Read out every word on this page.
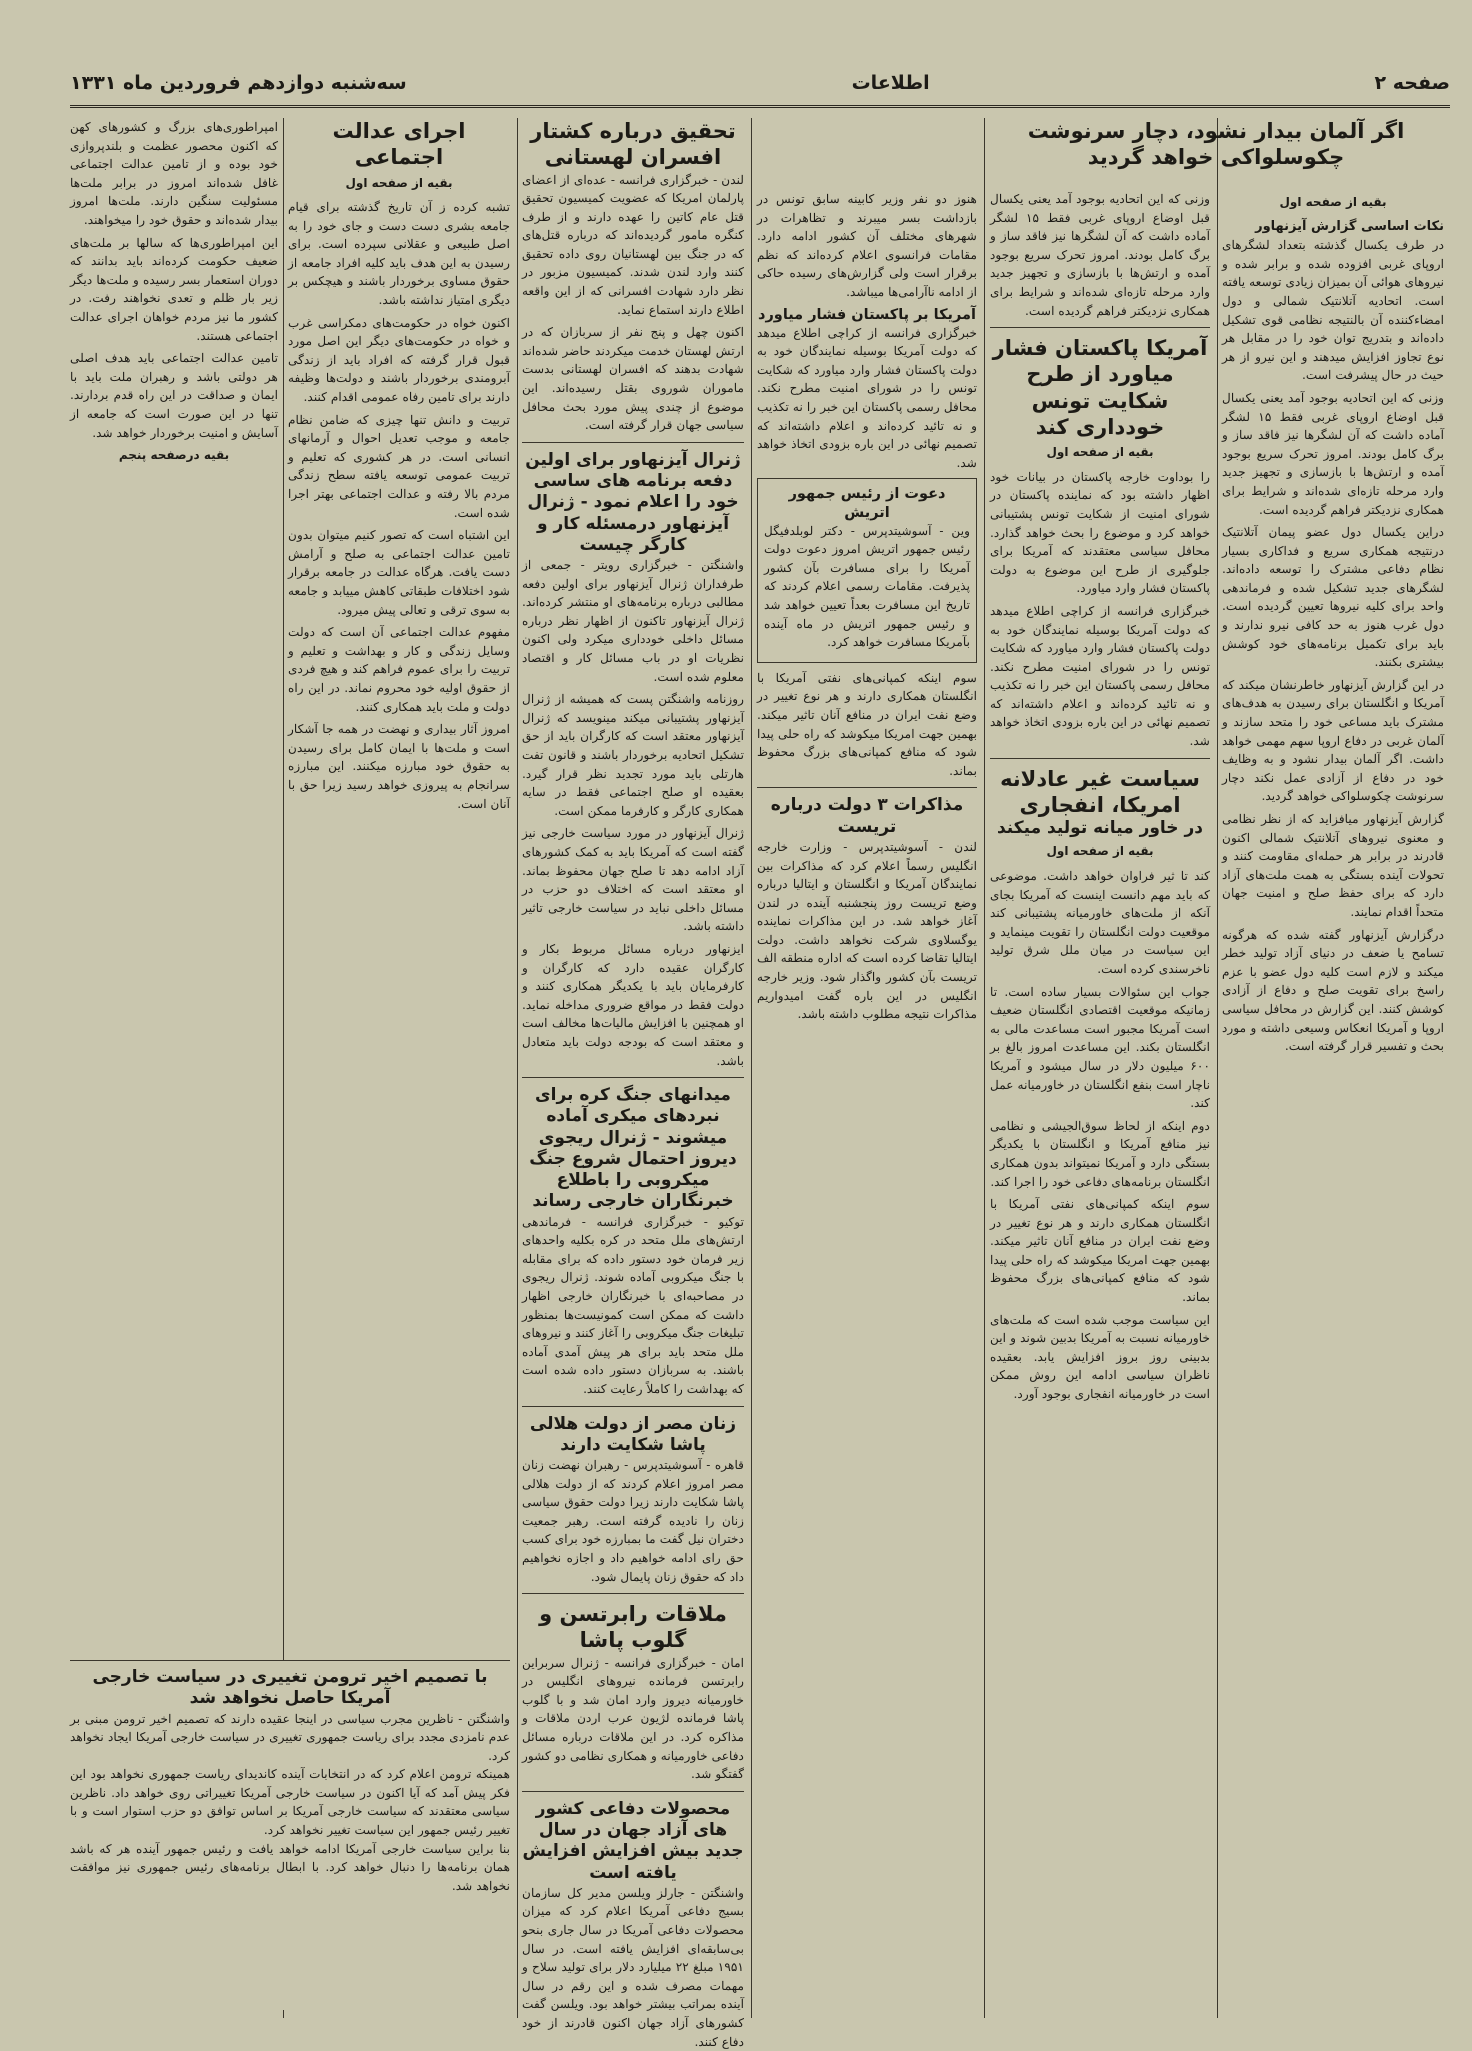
صفحه ۲
اطلاعات
سه‌شنبه دوازدهم فروردین ماه ۱۳۳۱
اگر آلمان بیدار نشود، دچار سرنوشت چکوسلواکی خواهد گردید
بقیه از صفحه اول
نکات اساسی گزارش آیزنهاور

در طرف یکسال گذشته بتعداد لشگرهای اروپای غربی افزوده شده و برابر شده و نیروهای هوائی آن بمیزان زیادی توسعه یافته است. اتحادیه آتلانتیک شمالی و دول امضاءکننده آن بالنتیجه نظامی قوی تشکیل داده‌اند و بتدریج توان خود را در مقابل هر نوع تجاوز افزایش میدهند و این نیرو از هر حیث در حال پیشرفت است.

وزنی که این اتحادیه بوجود آمد یعنی یکسال قبل اوضاع اروپای غربی فقط ۱۵ لشگر آماده داشت که آن لشگرها نیز فاقد ساز و برگ کامل بودند. امروز تحرک سریع بوجود آمده و ارتش‌ها با بازسازی و تجهیز جدید وارد مرحله تازه‌ای شده‌اند و شرایط برای همکاری نزدیکتر فراهم گردیده است.

دراین یکسال دول عضو پیمان آتلانتیک درنتیجه همکاری سریع و فداکاری بسیار نظام دفاعی مشترک را توسعه داده‌اند. لشگرهای جدید تشکیل شده و فرماندهی واحد برای کلیه نیروها تعیین گردیده است. دول غرب هنوز به حد کافی نیرو ندارند و باید برای تکمیل برنامه‌های خود کوشش بیشتری بکنند.

در این گزارش آیزنهاور خاطرنشان میکند که آمریکا و انگلستان برای رسیدن به هدف‌های مشترک باید مساعی خود را متحد سازند و آلمان غربی در دفاع اروپا سهم مهمی خواهد داشت. اگر آلمان بیدار نشود و به وظایف خود در دفاع از آزادی عمل نکند دچار سرنوشت چکوسلواکی خواهد گردید.

گزارش آیزنهاور میافزاید که از نظر نظامی و معنوی نیروهای آتلانتیک شمالی اکنون قادرند در برابر هر حمله‌ای مقاومت کنند و تحولات آینده بستگی به همت ملت‌های آزاد دارد که برای حفظ صلح و امنیت جهان متحداً اقدام نمایند.

درگزارش آیزنهاور گفته شده که هرگونه تسامح یا ضعف در دنیای آزاد تولید خطر میکند و لازم است کلیه دول عضو با عزم راسخ برای تقویت صلح و دفاع از آزادی کوشش کنند. این گزارش در محافل سیاسی اروپا و آمریکا انعکاس وسیعی داشته و مورد بحث و تفسیر قرار گرفته است.

وزنی که این اتحادیه بوجود آمد یعنی یکسال قبل اوضاع اروپای غربی فقط ۱۵ لشگر آماده داشت که آن لشگرها نیز فاقد ساز و برگ کامل بودند. امروز تحرک سریع بوجود آمده و ارتش‌ها با بازسازی و تجهیز جدید وارد مرحله تازه‌ای شده‌اند و شرایط برای همکاری نزدیکتر فراهم گردیده است.

آمریکا پاکستان فشار میاورد از طرح شکایت تونس خودداری کند
بقیه از صفحه اول

را بوداوت خارجه پاکستان در بیانات خود اظهار داشته بود که نماینده پاکستان در شورای امنیت از شکایت تونس پشتیبانی خواهد کرد و موضوع را بحث خواهد گذارد. محافل سیاسی معتقدند که آمریکا برای جلوگیری از طرح این موضوع به دولت پاکستان فشار وارد میاورد.

خبرگزاری فرانسه از کراچی اطلاع میدهد که دولت آمریکا بوسیله نمایندگان خود به دولت پاکستان فشار وارد میاورد که شکایت تونس را در شورای امنیت مطرح نکند. محافل رسمی پاکستان این خبر را نه تکذیب و نه تائید کرده‌اند و اعلام داشته‌اند که تصمیم نهائی در این باره بزودی اتخاذ خواهد شد.

سیاست غیر عادلانه امریکا، انفجاری
در خاور میانه تولید میکند
بقیه از صفحه اول

کند تا ثیر فراوان خواهد داشت. موضوعی که باید مهم دانست اینست که آمریکا بجای آنکه از ملت‌های خاورمیانه پشتیبانی کند موقعیت دولت انگلستان را تقویت مینماید و این سیاست در میان ملل شرق تولید ناخرسندی کرده است.

جواب این سئوالات بسیار ساده است. تا زمانیکه موقعیت اقتصادی انگلستان ضعیف است آمریکا مجبور است مساعدت مالی به انگلستان بکند. این مساعدت امروز بالغ بر ۶۰۰ میلیون دلار در سال میشود و آمریکا ناچار است بنفع انگلستان در خاورمیانه عمل کند.

دوم اینکه از لحاظ سوق‌الجیشی و نظامی نیز منافع آمریکا و انگلستان با یکدیگر بستگی دارد و آمریکا نمیتواند بدون همکاری انگلستان برنامه‌های دفاعی خود را اجرا کند.

سوم اینکه کمپانی‌های نفتی آمریکا با انگلستان همکاری دارند و هر نوع تغییر در وضع نفت ایران در منافع آنان تاثیر میکند. بهمین جهت امریکا میکوشد که راه حلی پیدا شود که منافع کمپانی‌های بزرگ محفوظ بماند.

این سیاست موجب شده است که ملت‌های خاورمیانه نسبت به آمریکا بدبین شوند و این بدبینی روز بروز افزایش یابد. بعقیده ناظران سیاسی ادامه این روش ممکن است در خاورمیانه انفجاری بوجود آورد.

هنوز دو نفر وزیر کابینه سابق تونس در بازداشت بسر میبرند و تظاهرات در شهرهای مختلف آن کشور ادامه دارد. مقامات فرانسوی اعلام کرده‌اند که نظم برقرار است ولی گزارش‌های رسیده حاکی از ادامه ناآرامی‌ها میباشد.

آمریکا بر پاکستان فشار میاورد

خبرگزاری فرانسه از کراچی اطلاع میدهد که دولت آمریکا بوسیله نمایندگان خود به دولت پاکستان فشار وارد میاورد که شکایت تونس را در شورای امنیت مطرح نکند. محافل رسمی پاکستان این خبر را نه تکذیب و نه تائید کرده‌اند و اعلام داشته‌اند که تصمیم نهائی در این باره بزودی اتخاذ خواهد شد.

دعوت از رئیس جمهور اتریش

وین - آسوشیتدپرس - دکتر لوبلدفیگل رئیس جمهور اتریش امروز دعوت دولت آمریکا را برای مسافرت بآن کشور پذیرفت. مقامات رسمی اعلام کردند که تاریخ این مسافرت بعداً تعیین خواهد شد و رئیس جمهور اتریش در ماه آینده بآمریکا مسافرت خواهد کرد.

سوم اینکه کمپانی‌های نفتی آمریکا با انگلستان همکاری دارند و هر نوع تغییر در وضع نفت ایران در منافع آنان تاثیر میکند. بهمین جهت امریکا میکوشد که راه حلی پیدا شود که منافع کمپانی‌های بزرگ محفوظ بماند.

مذاکرات ۳ دولت درباره تریست

لندن - آسوشیتدپرس - وزارت خارجه انگلیس رسماً اعلام کرد که مذاکرات بین نمایندگان آمریکا و انگلستان و ایتالیا درباره وضع تریست روز پنجشنبه آینده در لندن آغاز خواهد شد. در این مذاکرات نماینده یوگسلاوی شرکت نخواهد داشت. دولت ایتالیا تقاضا کرده است که اداره منطقه الف تریست بآن کشور واگذار شود. وزیر خارجه انگلیس در این باره گفت امیدواریم مذاکرات نتیجه مطلوب داشته باشد.

تحقیق درباره کشتار افسران لهستانی

لندن - خبرگزاری فرانسه - عده‌ای از اعضای پارلمان امریکا که عضویت کمیسیون تحقیق قتل عام کاتین را عهده دارند و از طرف کنگره مامور گردیده‌اند که درباره قتل‌های که در جنگ بین لهستانیان روی داده تحقیق کنند وارد لندن شدند. کمیسیون مزبور در نظر دارد شهادت افسرانی که از این واقعه اطلاع دارند استماع نماید.

اکنون چهل و پنج نفر از سربازان که در ارتش لهستان خدمت میکردند حاضر شده‌اند شهادت بدهند که افسران لهستانی بدست ماموران شوروی بقتل رسیده‌اند. این موضوع از چندی پیش مورد بحث محافل سیاسی جهان قرار گرفته است.

ژنرال آیزنهاور برای اولین دفعه برنامه های ساسی خود را اعلام نمود - ژنرال آیزنهاور درمسئله کار و کارگر چیست

واشنگتن - خبرگزاری رویتر - جمعی از طرفداران ژنرال آیزنهاور برای اولین دفعه مطالبی درباره برنامه‌های او منتشر کرده‌اند. ژنرال آیزنهاور تاکنون از اظهار نظر درباره مسائل داخلی خودداری میکرد ولی اکنون نظریات او در باب مسائل کار و اقتصاد معلوم شده است.

روزنامه واشنگتن پست که همیشه از ژنرال آیزنهاور پشتیبانی میکند مینویسد که ژنرال آیزنهاور معتقد است که کارگران باید از حق تشکیل اتحادیه برخوردار باشند و قانون تفت هارتلی باید مورد تجدید نظر قرار گیرد. بعقیده او صلح اجتماعی فقط در سایه همکاری کارگر و کارفرما ممکن است.

ژنرال آیزنهاور در مورد سیاست خارجی نیز گفته است که آمریکا باید به کمک کشورهای آزاد ادامه دهد تا صلح جهان محفوظ بماند. او معتقد است که اختلاف دو حزب در مسائل داخلی نباید در سیاست خارجی تاثیر داشته باشد.

ایزنهاور درباره مسائل مربوط بکار و کارگران عقیده دارد که کارگران و کارفرمایان باید با یکدیگر همکاری کنند و دولت فقط در مواقع ضروری مداخله نماید. او همچنین با افزایش مالیات‌ها مخالف است و معتقد است که بودجه دولت باید متعادل باشد.

میدانهای جنگ کره برای نبردهای میکری آماده میشوند - ژنرال ریجوی دیروز احتمال شروع جنگ میکروبی را باطلاع خبرنگاران خارجی رساند

توکیو - خبرگزاری فرانسه - فرماندهی ارتش‌های ملل متحد در کره بکلیه واحدهای زیر فرمان خود دستور داده که برای مقابله با جنگ میکروبی آماده شوند. ژنرال ریجوی در مصاحبه‌ای با خبرنگاران خارجی اظهار داشت که ممکن است کمونیست‌ها بمنظور تبلیغات جنگ میکروبی را آغاز کنند و نیروهای ملل متحد باید برای هر پیش آمدی آماده باشند. به سربازان دستور داده شده است که بهداشت را کاملاً رعایت کنند.

زنان مصر از دولت هلالی پاشا شکایت دارند

قاهره - آسوشیتدپرس - رهبران نهضت زنان مصر امروز اعلام کردند که از دولت هلالی پاشا شکایت دارند زیرا دولت حقوق سیاسی زنان را نادیده گرفته است. رهبر جمعیت دختران نیل گفت ما بمبارزه خود برای کسب حق رای ادامه خواهیم داد و اجازه نخواهیم داد که حقوق زنان پایمال شود.

ملاقات رابرتسن و گلوب پاشا

امان - خبرگزاری فرانسه - ژنرال سربراین رابرتسن فرمانده نیروهای انگلیس در خاورمیانه دیروز وارد امان شد و با گلوب پاشا فرمانده لژیون عرب اردن ملاقات و مذاکره کرد. در این ملاقات درباره مسائل دفاعی خاورمیانه و همکاری نظامی دو کشور گفتگو شد.

محصولات دفاعی کشور های آزاد جهان در سال جدید بیش افزایش افزایش یافته است

واشنگتن - جارلز ویلسن مدیر کل سازمان بسیج دفاعی آمریکا اعلام کرد که میزان محصولات دفاعی آمریکا در سال جاری بنحو بی‌سابقه‌ای افزایش یافته است. در سال ۱۹۵۱ مبلغ ۲۲ میلیارد دلار برای تولید سلاح و مهمات مصرف شده و این رقم در سال آینده بمراتب بیشتر خواهد بود. ویلسن گفت کشورهای آزاد جهان اکنون قادرند از خود دفاع کنند.

اجرای عدالت اجتماعی
بقیه از صفحه اول

تشبه کرده ‌ز آن تاریخ گذشته برای قیام جامعه بشری دست دست و جای خود را به اصل طبیعی و عقلانی سپرده است. برای رسیدن به این هدف باید کلیه افراد جامعه از حقوق مساوی برخوردار باشند و هیچکس بر دیگری امتیاز نداشته باشد.

اکنون خواه در حکومت‌های دمکراسی غرب و خواه در حکومت‌های دیگر این اصل مورد قبول قرار گرفته که افراد باید از زندگی آبرومندی برخوردار باشند و دولت‌ها وظیفه دارند برای تامین رفاه عمومی اقدام کنند.

تربیت و دانش تنها چیزی که ضامن نظام جامعه و موجب تعدیل احوال و آرمانهای انسانی است. در هر کشوری که تعلیم و تربیت عمومی توسعه یافته سطح زندگی مردم بالا رفته و عدالت اجتماعی بهتر اجرا شده است.

این اشتباه است که تصور کنیم میتوان بدون تامین عدالت اجتماعی به صلح و آرامش دست یافت. هرگاه عدالت در جامعه برقرار شود اختلافات طبقاتی کاهش مییابد و جامعه به سوی ترقی و تعالی پیش میرود.

مفهوم عدالت اجتماعی آن است که دولت وسایل زندگی و کار و بهداشت و تعلیم و تربیت را برای عموم فراهم کند و هیچ فردی از حقوق اولیه خود محروم نماند. در این راه دولت و ملت باید همکاری کنند.

امروز آثار بیداری و نهضت در همه جا آشکار است و ملت‌ها با ایمان کامل برای رسیدن به حقوق خود مبارزه میکنند. این مبارزه سرانجام به پیروزی خواهد رسید زیرا حق با آنان است.

امپراطوری‌های بزرگ و کشورهای کهن که اکنون محصور عظمت و بلندپروازی خود بوده و از تامین عدالت اجتماعی غافل شده‌اند امروز در برابر ملت‌ها مسئولیت سنگین دارند. ملت‌ها امروز بیدار شده‌اند و حقوق خود را میخواهند.

این امپراطوری‌ها که سالها بر ملت‌های ضعیف حکومت کرده‌اند باید بدانند که دوران استعمار بسر رسیده و ملت‌ها دیگر زیر بار ظلم و تعدی نخواهند رفت. در کشور ما نیز مردم خواهان اجرای عدالت اجتماعی هستند.

تامین عدالت اجتماعی باید هدف اصلی هر دولتی باشد و رهبران ملت باید با ایمان و صداقت در این راه قدم بردارند. تنها در این صورت است که جامعه از آسایش و امنیت برخوردار خواهد شد.

بقیه درصفحه پنجم
با تصمیم اخیر ترومن تغییری در سیاست خارجی آمریکا حاصل نخواهد شد

واشنگتن - ناظرین مجرب سیاسی در اینجا عقیده دارند که تصمیم اخیر ترومن مبنی بر عدم نامزدی مجدد برای ریاست جمهوری تغییری در سیاست خارجی آمریکا ایجاد نخواهد کرد.

همینکه ترومن اعلام کرد که در انتخابات آینده کاندیدای ریاست جمهوری نخواهد بود این فکر پیش آمد که آیا اکنون در سیاست خارجی آمریکا تغییراتی روی خواهد داد. ناظرین سیاسی معتقدند که سیاست خارجی آمریکا بر اساس توافق دو حزب استوار است و با تغییر رئیس جمهور این سیاست تغییر نخواهد کرد.

بنا براین سیاست خارجی آمریکا ادامه خواهد یافت و رئیس جمهور آینده هر که باشد همان برنامه‌ها را دنبال خواهد کرد. با ابطال برنامه‌های رئیس جمهوری نیز موافقت نخواهد شد.
